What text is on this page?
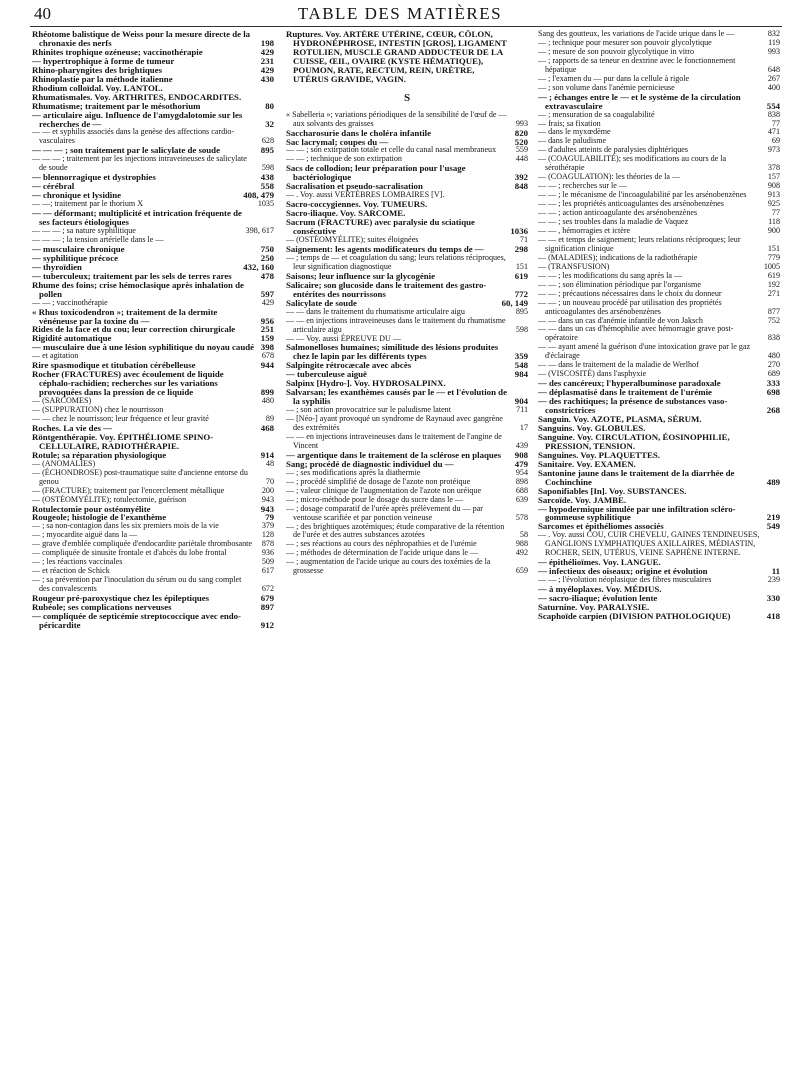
40	TABLE DES MATIÈRES
Rhéotome balistique de Weiss pour la mesure directe de la chronaxie des nerfs	198
Rhinites trophique ozéneuse; vaccinothérapie	429
— hypertrophique à forme de tumeur	231
Rhino-pharyngites des brightiques	429
Rhinoplastie par la méthode italienne	430
Rhodium colloïdal. Voy. LANTOL.
Rhumatismales. Voy. ARTHRITES, ENDOCARDITES.
Rhumatisme; traitement par le mésothorium	80
— articulaire aigu. Influence de l'amygdalotomie sur les recherches de —	32
— — et syphilis associés dans la genèse des affections cardio-vasculaires	628
— — — ; son traitement par le salicylate de soude	895
— — — ; traitement par les injections intraveineuses de salicylate de soude	598
— blennorragique et dystrophies	438
— cérébral	558
— chronique et lysidine	408, 479
— —; traitement par le thorium X	1035
— — déformant; multiplicité et intrication fréquente de ses facteurs étiologiques
— — — ; sa nature syphilitique	398, 617
— — — ; la tension artérielle dans le —
— musculaire chronique	750
— syphilitique précoce	250
— thyroïdien	432, 160
— tuberculeux; traitement par les sels de terres rares	478
Rhume des foins; crise hémoclasique après inhalation de pollen	597
— — ; vaccinothérapie	429
« Rhus toxicodendron »; traitement de la dermite vénéneuse par la toxine du —	956
Rides de la face et du cou; leur correction chirurgicale	251
Rigidité automatique	159
— musculaire due à une lésion syphilitique du noyau caudé 398
— et agitation	678
Rire spasmodique et titubation cérébelleuse	944
Rocher (FRACTURES) avec écoulement de liquide céphalo-rachidien; recherches sur les variations provoquées dans la pression de ce liquide	899
— (SARCOMES)	480
— (SUPPURATION) chez le nourrisson
— — chez le nourrisson; leur fréquence et leur gravité	89
Roches. La vie des —	468
Röntgenthérapie. Voy. ÉPITHÉLIOME SPINO-CELLULAIRE, RADIOTHÉRAPIE.
Rotule; sa réparation physiologique	914
— (ANOMALIES)	48
— (ÉCHONDROSE) post-traumatique suite d'ancienne entorse du genou	70
— (FRACTURE); traitement par l'encerclement métallique	200
— (OSTÉOMYÉLITE); rotulectomie, guérison	943
Rotulectomie pour ostéomyélite	943
Rougeole; histologie de l'exanthème	79
— ; sa non-contagion dans les six premiers mois de la vie	379
— ; myocardite aiguë dans la —	128
— grave d'emblée compliquée d'endocardite pariétale thrombosante	878
— compliquée de sinusite frontale et d'abcès du lobe frontal	936
— ; les réactions vaccinales	509
— et réaction de Schick	617
— ; sa prévention par l'inoculation du sérum ou du sang complet des convalescents	672
Rougeur pré-paroxystique chez les épileptiques	679
Rubéole; ses complications nerveuses	897
— compliquée de septicémie streptococcique avec endo-péricardite	912
Ruptures. Voy. ARTÈRE UTÉRINE, CŒUR, CÔLON, HYDRONÉPHROSE, INTESTIN [GROS], LIGAMENT ROTULIEN, MUSCLE GRAND ADDUCTEUR DE LA CUISSE, ŒIL, OVAIRE (KYSTE HÉMATIQUE), POUMON, RATE, RECTUM, REIN, URÈTRE, UTÉRUS GRAVIDE, VAGIN.
S
« Sabelleria »; variations périodiques de la sensibilité de l'œuf de — aux solvants des graisses	993
Saccharosurie dans le choléra infantile	820
Sac lacrymal; coupes du —	520
— — ; son extirpation totale et celle du canal nasal membraneux	559
— — ; technique de son extirpation	448
Sacs de collodion; leur préparation pour l'usage bactériologique	392
Sacralisation et pseudo-sacralisation	848
— . Voy. aussi VERTÈBRES LOMBAIRES [V].
Sacro-coccygiennes. Voy. TUMEURS.
Sacro-iliaque. Voy. SARCOME.
Sacrum (FRACTURE) avec paralysie du sciatique consécutive	1036
— (OSTÉOMYÉLITE); suites éloignées	71
Saignement: les agents modificateurs du temps de —	298
— ; temps de — et coagulation du sang; leurs relations réciproques, leur signification diagnostique	151
Saisons; leur influence sur la glycogénie	619
Salicaire; son glucoside dans le traitement des gastro-entérites des nourrissons	772
Salicylate de soude	60, 149
— — dans le traitement du rhumatisme articulaire aigu	895
— — en injections intraveineuses dans le traitement du rhumatisme articulaire aigu	598
— — Voy. aussi ÉPREUVE DU —
Salmonelloses humaines; similitude des lésions produites chez le lapin par les différents types	359
Salpingite rétrocæcale avec abcès	548
— tuberculeuse aiguë	984
Salpinx [Hydro-]. Voy. HYDROSALPINX.
Salvarsan; les exanthèmes causés par le — et l'évolution de la syphilis	904
— ; son action provocatrice sur le paludisme latent	711
— [Néo-] ayant provoqué un syndrome de Raynaud avec gangrène des extrémités	17
— — en injections intraveineuses dans le traitement de l'angine de Vincent	439
— argentique dans le traitement de la sclérose en plaques	908
Sang; procédé de diagnostic individuel du —	479
— ; ses modifications après la diathermie	954
— ; procédé simplifié de dosage de l'azote non protéique	898
— ; valeur clinique de l'augmentation de l'azote non uréique	688
— ; micro-méthode pour le dosage du sucre dans le —	639
— ; dosage comparatif de l'urée après prélèvement du — par ventouse scarifiée et par ponction veineuse	578
— ; des brightiques azotémiques; étude comparative de la rétention de l'urée et des autres substances azotées	58
— ; ses réactions au cours des néphropathies et de l'urémie	988
— ; méthodes de détermination de l'acide urique dans le —	492
— ; augmentation de l'acide urique au cours des toxémies de la grossesse	659
Sang des goutteux, les variations de l'acide urique dans le —	832
— ; technique pour mesurer son pouvoir glycolytique	119
— ; mesure de son pouvoir glycolytique in vitro	993
— ; rapports de sa teneur en dextrine avec le fonctionnement hépatique	648
— ; l'examen du — pur dans la cellule à rigole	267
— ; son volume dans l'anémie pernicieuse	400
— ; échanges entre le — et le système de la circulation extravasculaire	554
— ; mensuration de sa coagulabilité	838
— frais; sa fixation	77
— dans le myxœdème	471
— dans le paludisme	69
— d'adultes atteints de paralysies diphtériques	973
— (COAGULABILITÉ); ses modifications au cours de la sérothérapie	378
— (COAGULATION): les théories de la —	157
— — ; recherches sur le —	908
— — ; le mécanisme de l'incoagulabilité par les arsénobenzènes	913
— — ; les propriétés anticoagulantes des arsénobenzènes	925
— — ; action anticoagulante des arsénobenzènes	77
— — ; ses troubles dans la maladie de Vaquez	118
— — , hémorragies et ictère	900
— — et temps de saignement; leurs relations réciproques; leur signification clinique	151
— (MALADIES); indications de la radiothérapie	779
— (TRANSFUSION)	1005
— — ; les modifications du sang après la —	619
— — ; son élimination périodique par l'organisme	192
— — ; précautions nécessaires dans le choix du donneur	271
— — ; un nouveau procédé par utilisation des propriétés anticoagulantes des arsénobenzènes	877
— — dans un cas d'anémie infantile de von Jaksch	752
— — dans un cas d'hémophilie avec hémorragie grave post-opératoire	838
— — ayant amené la guérison d'une intoxication grave par le gaz d'éclairage	480
— — dans le traitement de la maladie de Werlhof	270
— (VISCOSITÉ) dans l'asphyxie	689
— des cancéreux; l'hyperalbuminose paradoxale	333
— déplasmatisé dans le traitement de l'urémie	698
— des rachitiques; la présence de substances vaso-constrictrices	268
Sanguin. Voy. AZOTE, PLASMA, SÉRUM.
Sanguins. Voy. GLOBULES.
Sanguine. Voy. CIRCULATION, ÉOSINOPHILIE, PRESSION, TENSION.
Sanguines. Voy. PLAQUETTES.
Sanitaire. Voy. EXAMEN.
Santonine jaune dans le traitement de la diarrhée de Cochinchine	489
Saponifiables [In]. Voy. SUBSTANCES.
Sarcoïde. Voy. JAMBE.
— hypodermique simulée par une infiltration scléro-gommeuse syphilitique	219
Sarcomes et épithéliomes associés	549
— . Voy. aussi COU, CUIR CHEVELU, GAINES TENDINEUSES, GANGLIONS LYMPHATIQUES AXILLAIRES, MÉDIASTIN, ROCHER, SEIN, UTÉRUS, VEINE SAPHÈNE INTERNE.
— épithélioïmes. Voy. LANGUE.
— infectieux des oiseaux; origine et évolution	11
— — ; l'évolution néoplasique des fibres musculaires	239
— à myéloplaxes. Voy. MÉDIUS.
— sacro-iliaque; évolution lente	330
Saturnine. Voy. PARALYSIE.
Scaphoïde carpien (DIVISION PATHOLOGIQUE)	418
